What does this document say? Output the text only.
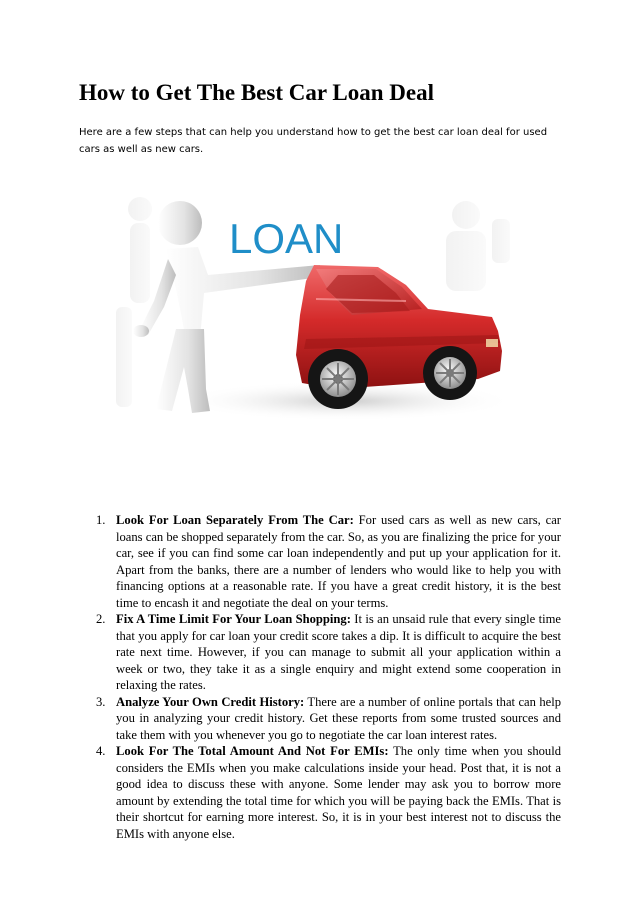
How to Get The Best Car Loan Deal

Here are a few steps that can help you understand how to get the best car loan deal for used cars as well as new cars.

LOAN
1. Look For Loan Separately From The Car: For used cars as well as new cars, car loans can be shopped separately from the car. So, as you are finalizing the price for your car, see if you can find some car loan independently and put up your application for it. Apart from the banks, there are a number of lenders who would like to help you with financing options at a reasonable rate. If you have a great credit history, it is the best time to encash it and negotiate the deal on your terms.
2. Fix A Time Limit For Your Loan Shopping: It is an unsaid rule that every single time that you apply for car loan your credit score takes a dip. It is difficult to acquire the best rate next time. However, if you can manage to submit all your application within a week or two, they take it as a single enquiry and might extend some cooperation in relaxing the rates.
3. Analyze Your Own Credit History: There are a number of online portals that can help you in analyzing your credit history. Get these reports from some trusted sources and take them with you whenever you go to negotiate the car loan interest rates.
4. Look For The Total Amount And Not For EMIs: The only time when you should considers the EMIs when you make calculations inside your head. Post that, it is not a good idea to discuss these with anyone. Some lender may ask you to borrow more amount by extending the total time for which you will be paying back the EMIs. That is their shortcut for earning more interest. So, it is in your best interest not to discuss the EMIs with anyone else.
